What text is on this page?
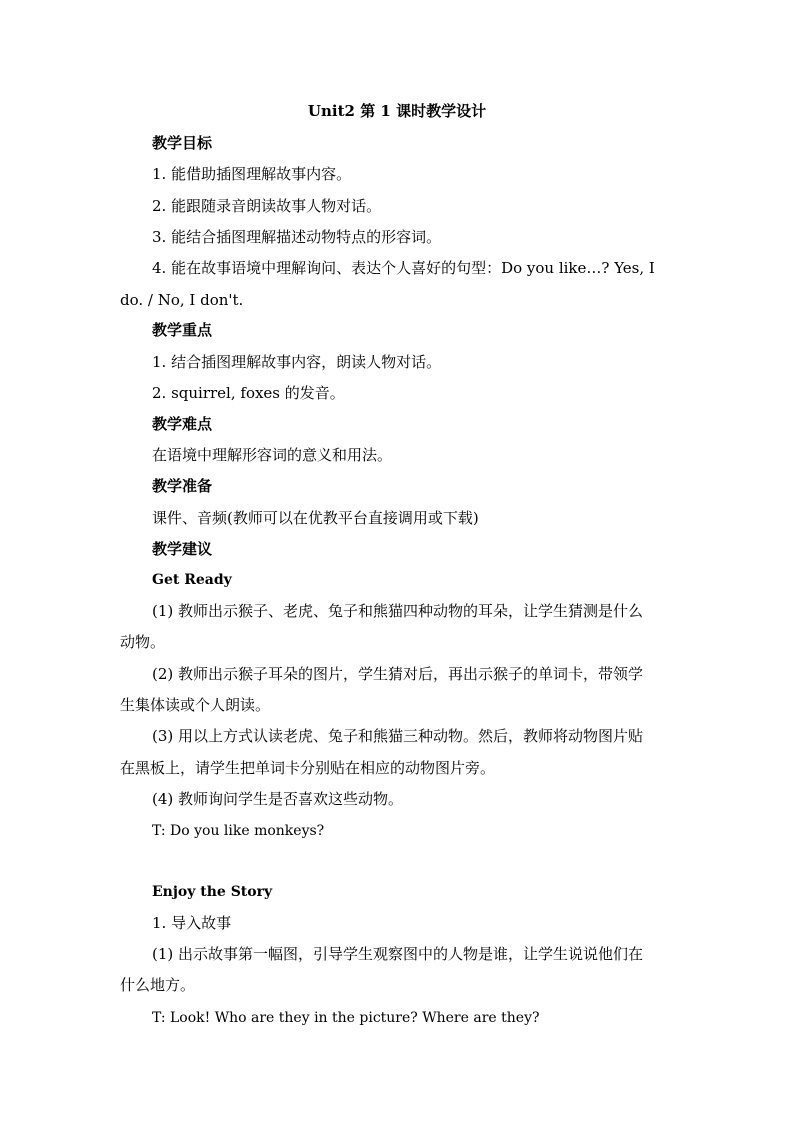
Unit2 第 1 课时教学设计
教学目标
1. 能借助插图理解故事内容。
2. 能跟随录音朗读故事人物对话。
3. 能结合插图理解描述动物特点的形容词。
4. 能在故事语境中理解询问、表达个人喜好的句型：Do you like…? Yes, I
do. / No, I don't.
教学重点
1. 结合插图理解故事内容，朗读人物对话。
2. squirrel, foxes 的发音。
教学难点
在语境中理解形容词的意义和用法。
教学准备
课件、音频(教师可以在优教平台直接调用或下载)
教学建议
Get Ready
(1) 教师出示猴子、老虎、兔子和熊猫四种动物的耳朵，让学生猜测是什么
动物。
(2) 教师出示猴子耳朵的图片，学生猜对后，再出示猴子的单词卡，带领学
生集体读或个人朗读。
(3) 用以上方式认读老虎、兔子和熊猫三种动物。然后，教师将动物图片贴
在黑板上，请学生把单词卡分别贴在相应的动物图片旁。
(4) 教师询问学生是否喜欢这些动物。
T: Do you like monkeys?
Enjoy the Story
1. 导入故事
(1) 出示故事第一幅图，引导学生观察图中的人物是谁，让学生说说他们在
什么地方。
T: Look! Who are they in the picture? Where are they?
